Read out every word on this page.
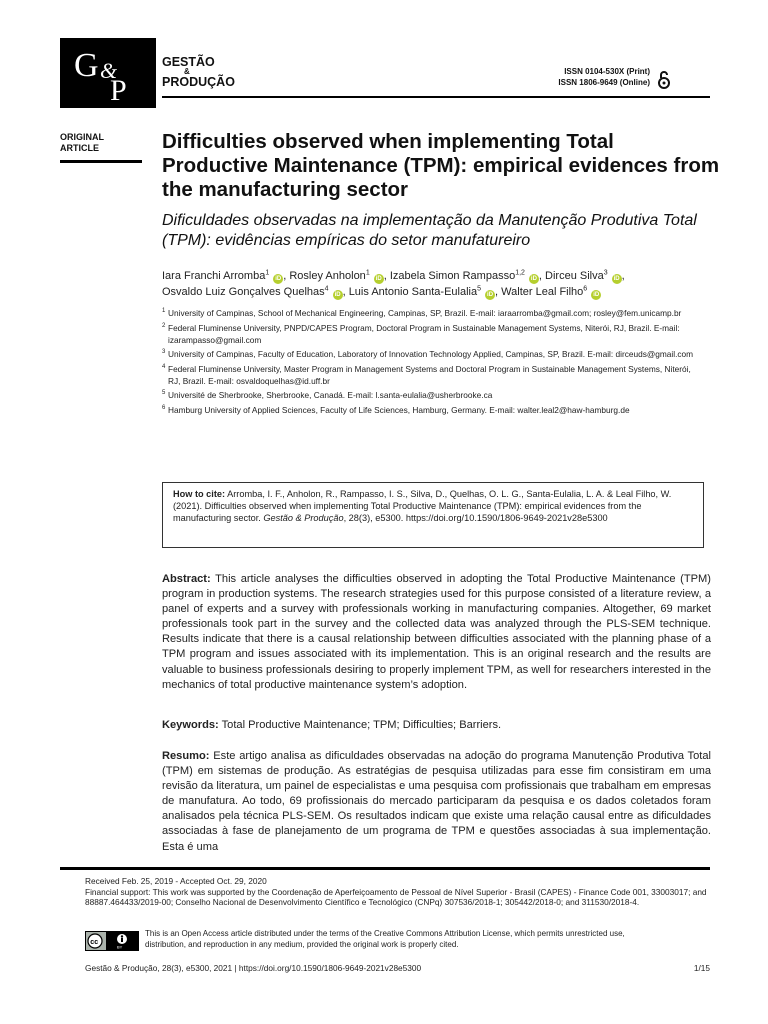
G &
P
GESTÃO
&
PRODUÇÃO
ISSN 0104-530X (Print)
ISSN 1806-9649 (Online)
ORIGINAL
ARTICLE	Difficulties observed when implementing Total Productive Maintenance (TPM): empirical evidences from the manufacturing sector
Dificuldades observadas na implementação da Manutenção Produtiva Total (TPM): evidências empíricas do setor manufatureiro
Iara Franchi Arromba$^1$iD , Rosley Anholon$^1$iD , Izabela Simon Rampasso$^{1,2}$iD , Dirceu Silva$^3$iD ,
Osvaldo Luiz Gonçalves Quelhas$^4$iD , Luis Antonio Santa-Eulalia$^5$iD , Walter Leal Filho$^6$iD
1 University of Campinas, School of Mechanical Engineering, Campinas, SP, Brazil. E-mail: iaraarromba@gmail.com; rosley@fem.unicamp.br
2 Federal Fluminense University, PNPD/CAPES Program, Doctoral Program in Sustainable Management Systems, Niterói, RJ, Brazil. E-mail: izarampasso@gmail.com
3 University of Campinas, Faculty of Education, Laboratory of Innovation Technology Applied, Campinas, SP, Brazil. E-mail: dirceuds@gmail.com
4 Federal Fluminense University, Master Program in Management Systems and Doctoral Program in Sustainable Management Systems, Niterói, RJ, Brazil. E-mail: osvaldoquelhas@id.uff.br
5 Université de Sherbrooke, Sherbrooke, Canadá. E-mail: l.santa-eulalia@usherbrooke.ca
6 Hamburg University of Applied Sciences, Faculty of Life Sciences, Hamburg, Germany. E-mail: walter.leal2@haw-hamburg.de
How to cite: Arromba, I. F., Anholon, R., Rampasso, I. S., Silva, D., Quelhas, O. L. G., Santa-Eulalia, L. A. & Leal Filho, W. (2021). Difficulties observed when implementing Total Productive Maintenance (TPM): empirical evidences from the manufacturing sector. Gestão & Produção, 28(3), e5300. https://doi.org/10.1590/1806-9649-2021v28e5300
Abstract: This article analyses the difficulties observed in adopting the Total Productive Maintenance (TPM) program in production systems. The research strategies used for this purpose consisted of a literature review, a panel of experts and a survey with professionals working in manufacturing companies. Altogether, 69 market professionals took part in the survey and the collected data was analyzed through the PLS-SEM technique. Results indicate that there is a causal relationship between difficulties associated with the planning phase of a TPM program and issues associated with its implementation. This is an original research and the results are valuable to business professionals desiring to properly implement TPM, as well for researchers interested in the mechanics of total productive maintenance system’s adoption.
Keywords: Total Productive Maintenance; TPM; Difficulties; Barriers.
Resumo: Este artigo analisa as dificuldades observadas na adoção do programa Manutenção Produtiva Total (TPM) em sistemas de produção. As estratégias de pesquisa utilizadas para esse fim consistiram em uma revisão da literatura, um painel de especialistas e uma pesquisa com profissionais que trabalham em empresas de manufatura. Ao todo, 69 profissionais do mercado participaram da pesquisa e os dados coletados foram analisados pela técnica PLS-SEM. Os resultados indicam que existe uma relação causal entre as dificuldades associadas à fase de planejamento de um programa de TPM e questões associadas à sua implementação. Esta é uma
Received Feb. 25, 2019 - Accepted Oct. 29, 2020
Financial support: This work was supported by the Coordenação de Aperfeiçoamento de Pessoal de Nível Superior - Brasil (CAPES) - Finance Code 001, 33003017; and 88887.464433/2019-00; Conselho Nacional de Desenvolvimento Científico e Tecnológico (CNPq) 307536/2018-1; 305442/2018-0; and 311530/2018-4.
cc
BY
This is an Open Access article distributed under the terms of the Creative Commons Attribution License, which permits unrestricted use, distribution, and reproduction in any medium, provided the original work is properly cited.
Gestão & Produção, 28(3), e5300, 2021 | https://doi.org/10.1590/1806-9649-2021v28e5300	1/15
